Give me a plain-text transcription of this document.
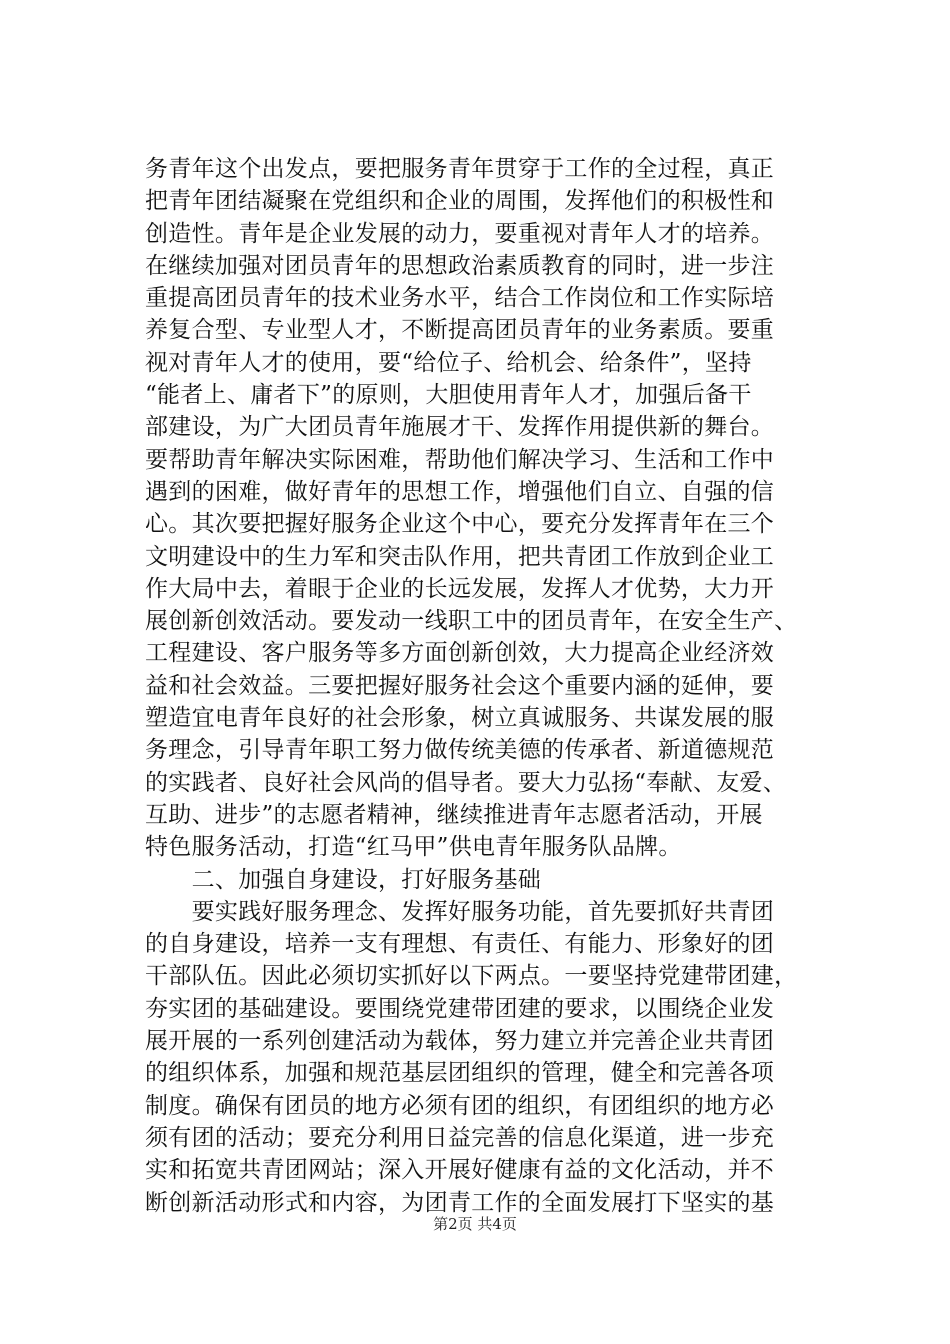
务青年这个出发点，要把服务青年贯穿于工作的全过程，真正
把青年团结凝聚在党组织和企业的周围，发挥他们的积极性和
创造性。青年是企业发展的动力，要重视对青年人才的培养。
在继续加强对团员青年的思想政治素质教育的同时，进一步注
重提高团员青年的技术业务水平，结合工作岗位和工作实际培
养复合型、专业型人才，不断提高团员青年的业务素质。要重
视对青年人才的使用，要“给位子、给机会、给条件”，坚持
“能者上、庸者下”的原则，大胆使用青年人才，加强后备干
部建设，为广大团员青年施展才干、发挥作用提供新的舞台。
要帮助青年解决实际困难，帮助他们解决学习、生活和工作中
遇到的困难，做好青年的思想工作，增强他们自立、自强的信
心。其次要把握好服务企业这个中心，要充分发挥青年在三个
文明建设中的生力军和突击队作用，把共青团工作放到企业工
作大局中去，着眼于企业的长远发展，发挥人才优势，大力开
展创新创效活动。要发动一线职工中的团员青年，在安全生产、
工程建设、客户服务等多方面创新创效，大力提高企业经济效
益和社会效益。三要把握好服务社会这个重要内涵的延伸，要
塑造宜电青年良好的社会形象，树立真诚服务、共谋发展的服
务理念，引导青年职工努力做传统美德的传承者、新道德规范
的实践者、良好社会风尚的倡导者。要大力弘扬“奉献、友爱、
互助、进步”的志愿者精神，继续推进青年志愿者活动，开展
特色服务活动，打造“红马甲”供电青年服务队品牌。
　　二、加强自身建设，打好服务基础
　　要实践好服务理念、发挥好服务功能，首先要抓好共青团
的自身建设，培养一支有理想、有责任、有能力、形象好的团
干部队伍。因此必须切实抓好以下两点。一要坚持党建带团建，
夯实团的基础建设。要围绕党建带团建的要求，以围绕企业发
展开展的一系列创建活动为载体，努力建立并完善企业共青团
的组织体系，加强和规范基层团组织的管理，健全和完善各项
制度。确保有团员的地方必须有团的组织，有团组织的地方必
须有团的活动；要充分利用日益完善的信息化渠道，进一步充
实和拓宽共青团网站；深入开展好健康有益的文化活动，并不
断创新活动形式和内容，为团青工作的全面发展打下坚实的基
第2页 共4页
